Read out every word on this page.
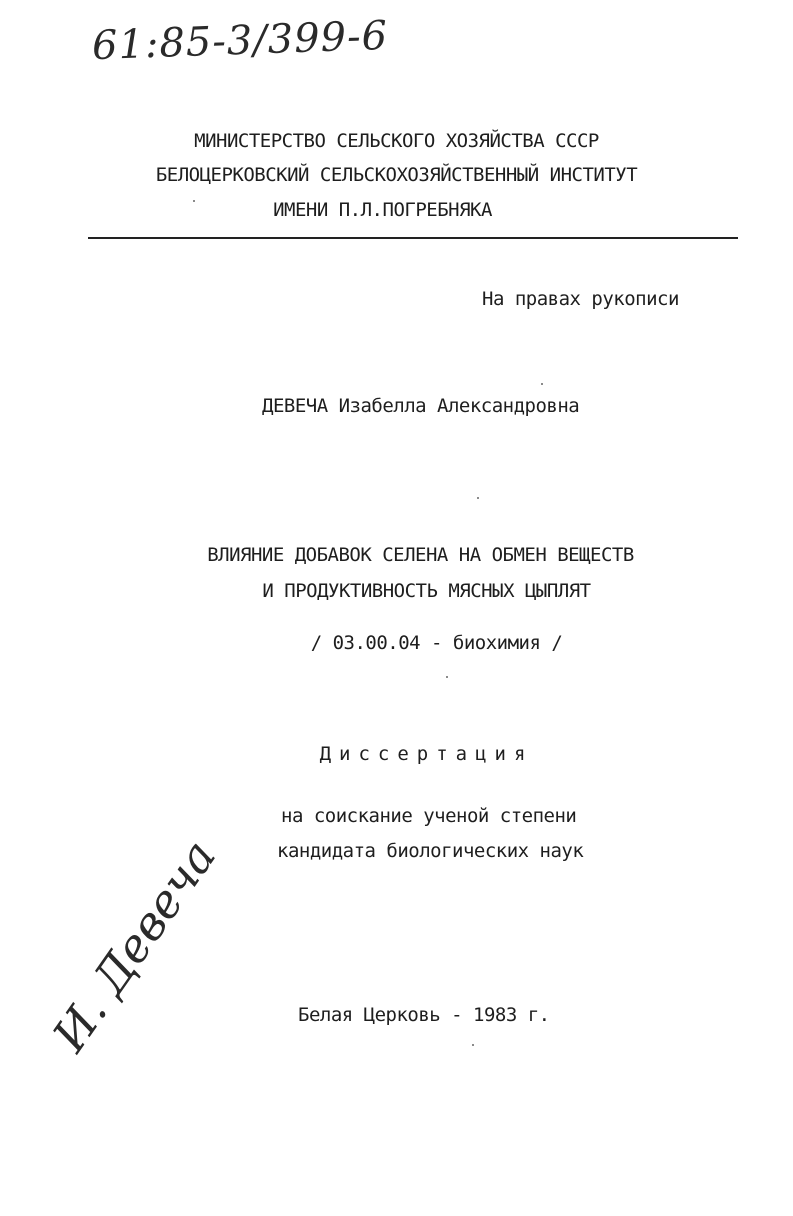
61:85-3/399-6
МИНИСТЕРСТВО СЕЛЬСКОГО ХОЗЯЙСТВА СССР
БЕЛОЦЕРКОВСКИЙ СЕЛЬСКОХОЗЯЙСТВЕННЫЙ ИНСТИТУТ
ИМЕНИ П.Л.ПОГРЕБНЯКА
На правах рукописи
ДЕВЕЧА Изабелла Александровна
ВЛИЯНИЕ ДОБАВОК СЕЛЕНА НА ОБМЕН ВЕЩЕСТВ
И ПРОДУКТИВНОСТЬ МЯСНЫХ ЦЫПЛЯТ
/ 03.00.04 - биохимия /
Диссертация
на соискание ученой степени
кандидата биологических наук
И. Девеча	Белая Церковь - 1983 г.
